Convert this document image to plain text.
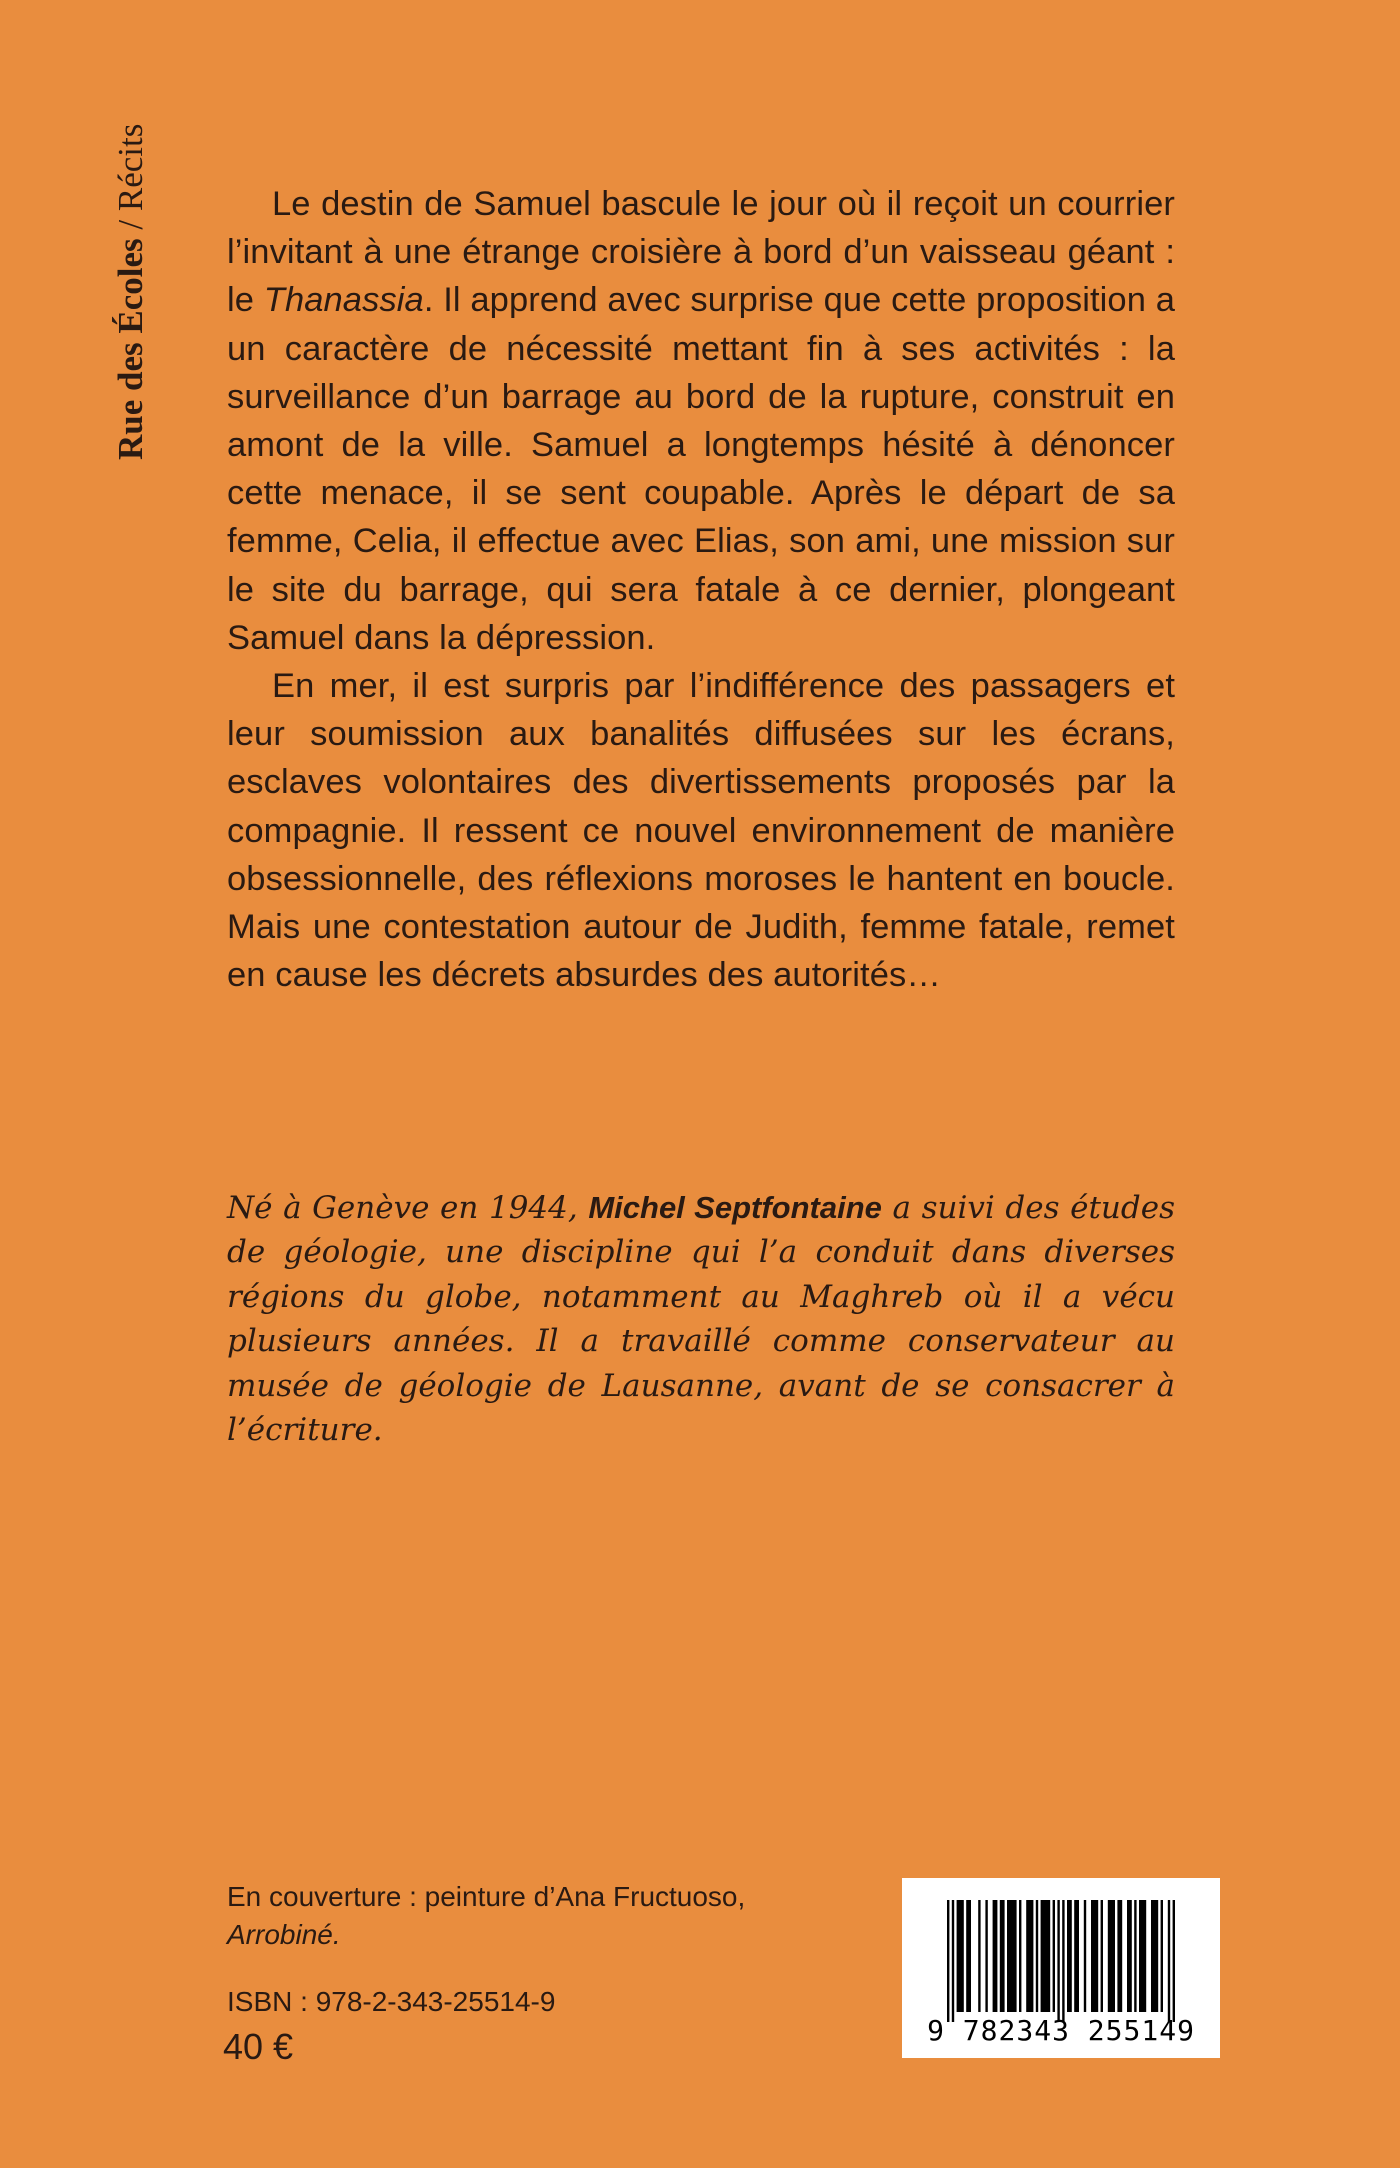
Rue des Écoles / Récits	Le destin de Samuel bascule le jour où il reçoit un courrier l’invitant à une étrange croisière à bord d’un vaisseau géant : le Thanassia. Il apprend avec surprise que cette proposition a un caractère de nécessité mettant fin à ses activités : la surveillance d’un barrage au bord de la rupture, construit en amont de la ville. Samuel a longtemps hésité à dénoncer cette menace, il se sent coupable. Après le départ de sa femme, Celia, il effectue avec Elias, son ami, une mission sur le site du barrage, qui sera fatale à ce dernier, plongeant Samuel dans la dépression.

En mer, il est surpris par l’indifférence des passagers et leur soumission aux banalités diffusées sur les écrans, esclaves volontaires des divertissements proposés par la compagnie. Il ressent ce nouvel environnement de manière obsessionnelle, des réflexions moroses le hantent en boucle. Mais une contestation autour de Judith, femme fatale, remet en cause les décrets absurdes des autorités…

Né à Genève en 1944, Michel Septfontaine a suivi des études de géologie, une discipline qui l’a conduit dans diverses régions du globe, notamment au Maghreb où il a vécu plusieurs années. Il a travaillé comme conservateur au musée de géologie de Lausanne, avant de se consacrer à l’écriture.

En couverture : peinture d’Ana Fructuoso,
Arrobiné.
ISBN : 978-2-343-25514-9
40 €	9 782343 255149
